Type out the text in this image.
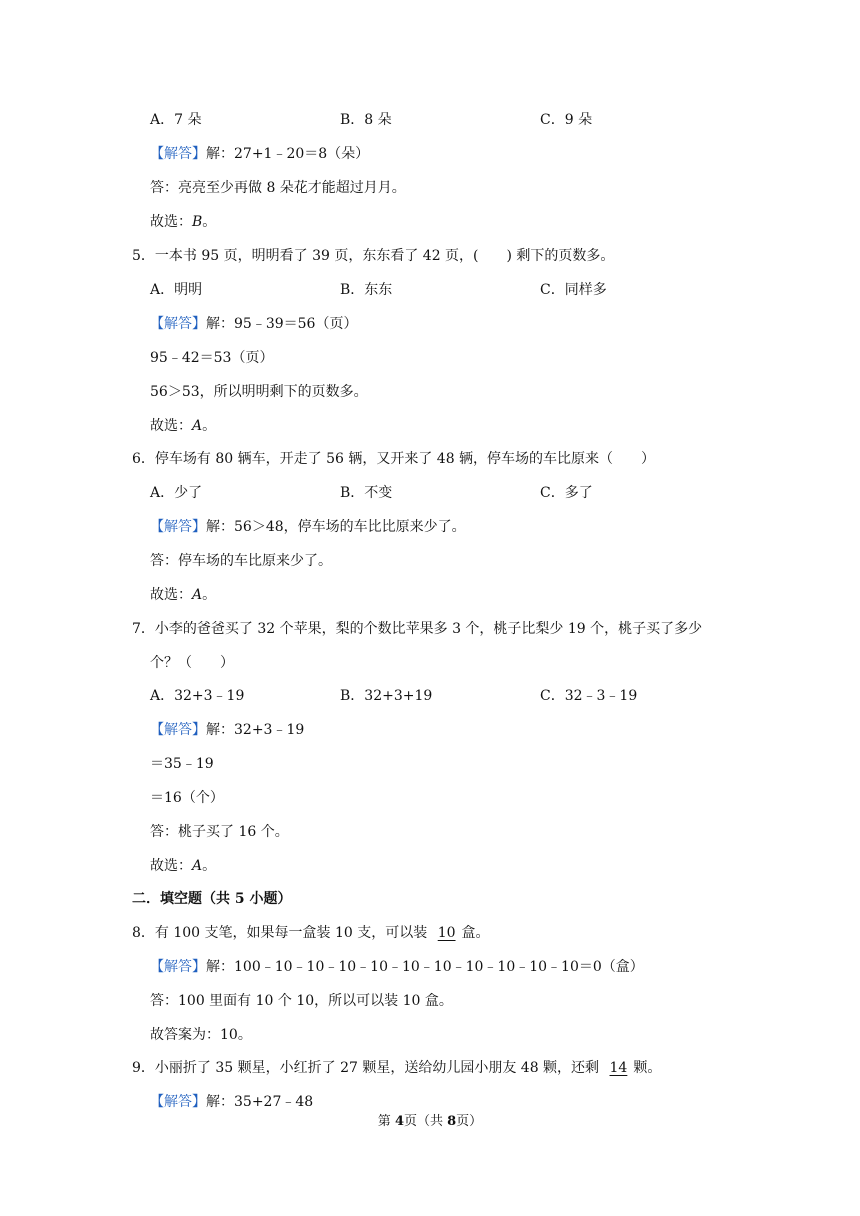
A．7 朵	B．8 朵	C．9 朵
【解答】解：27+1﹣20＝8（朵）
答：亮亮至少再做 8 朵花才能超过月月。
故选：B。
5．一本书 95 页，明明看了 39 页，东东看了 42 页，(　　) 剩下的页数多。
A．明明	B．东东	C．同样多
【解答】解：95﹣39＝56（页）
95﹣42＝53（页）
56＞53，所以明明剩下的页数多。
故选：A。
6．停车场有 80 辆车，开走了 56 辆，又开来了 48 辆，停车场的车比原来（　　）
A．少了	B．不变	C．多了
【解答】解：56＞48，停车场的车比比原来少了。
答：停车场的车比原来少了。
故选：A。
7．小李的爸爸买了 32 个苹果，梨的个数比苹果多 3 个，桃子比梨少 19 个，桃子买了多少
个？（　　）
A．32+3﹣19	B．32+3+19	C．32﹣3﹣19
【解答】解：32+3﹣19
＝35﹣19
＝16（个）
答：桃子买了 16 个。
故选：A。
二．填空题（共 5 小题）
8．有 100 支笔，如果每一盒装 10 支，可以装 10 盒。
【解答】解：100﹣10﹣10﹣10﹣10﹣10﹣10﹣10﹣10﹣10﹣10＝0（盒）
答：100 里面有 10 个 10，所以可以装 10 盒。
故答案为：10。
9．小丽折了 35 颗星，小红折了 27 颗星，送给幼儿园小朋友 48 颗，还剩 14 颗。
【解答】解：35+27﹣48
第 4页（共 8页）
